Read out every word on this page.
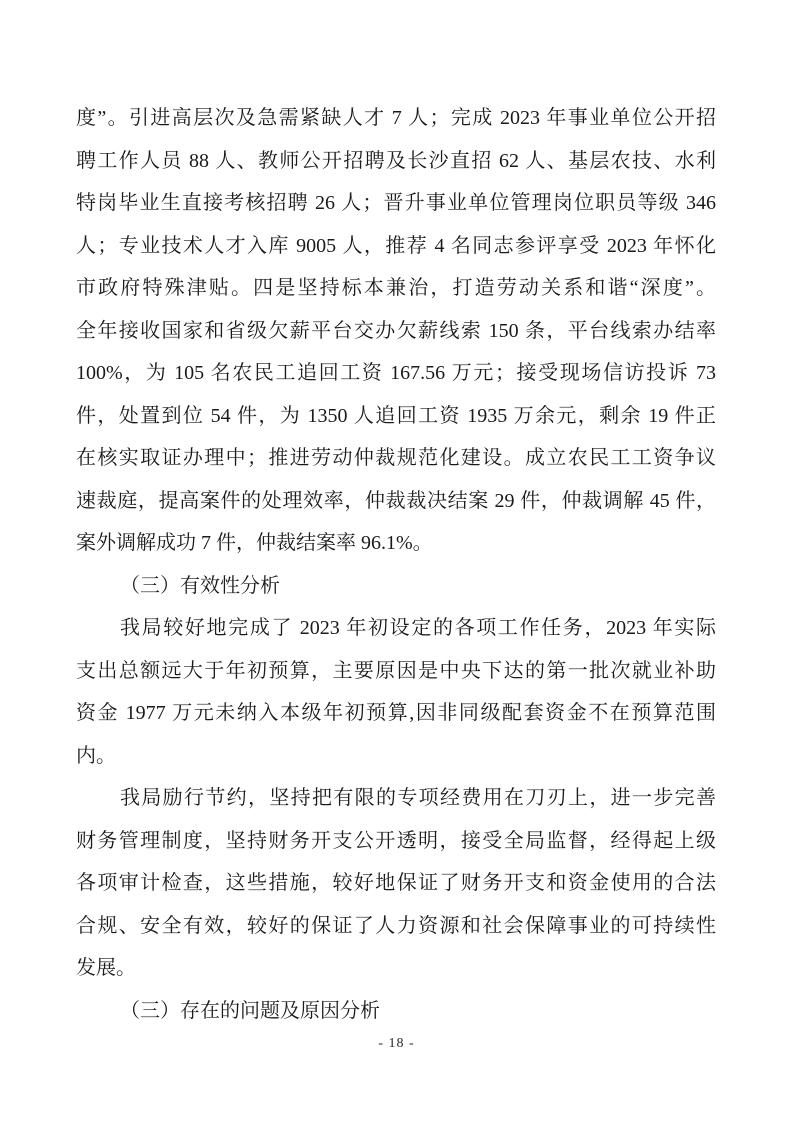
度”。引进高层次及急需紧缺人才 7 人；完成 2023 年事业单位公开招
聘工作人员 88 人、教师公开招聘及长沙直招 62 人、基层农技、水利
特岗毕业生直接考核招聘 26 人；晋升事业单位管理岗位职员等级 346
人；专业技术人才入库 9005 人，推荐 4 名同志参评享受 2023 年怀化
市政府特殊津贴。四是坚持标本兼治，打造劳动关系和谐“深度”。
全年接收国家和省级欠薪平台交办欠薪线索 150 条，平台线索办结率
100%，为 105 名农民工追回工资 167.56 万元；接受现场信访投诉 73
件，处置到位 54 件，为 1350 人追回工资 1935 万余元，剩余 19 件正
在核实取证办理中；推进劳动仲裁规范化建设。成立农民工工资争议
速裁庭，提高案件的处理效率，仲裁裁决结案 29 件，仲裁调解 45 件，
案外调解成功 7 件，仲裁结案率 96.1%。
（三）有效性分析
我局较好地完成了 2023 年初设定的各项工作任务，2023 年实际
支出总额远大于年初预算，主要原因是中央下达的第一批次就业补助
资金 1977 万元未纳入本级年初预算,因非同级配套资金不在预算范围
内。
我局励行节约，坚持把有限的专项经费用在刀刃上，进一步完善
财务管理制度，坚持财务开支公开透明，接受全局监督，经得起上级
各项审计检查，这些措施，较好地保证了财务开支和资金使用的合法
合规、安全有效，较好的保证了人力资源和社会保障事业的可持续性
发展。
（三）存在的问题及原因分析
- 18 -
